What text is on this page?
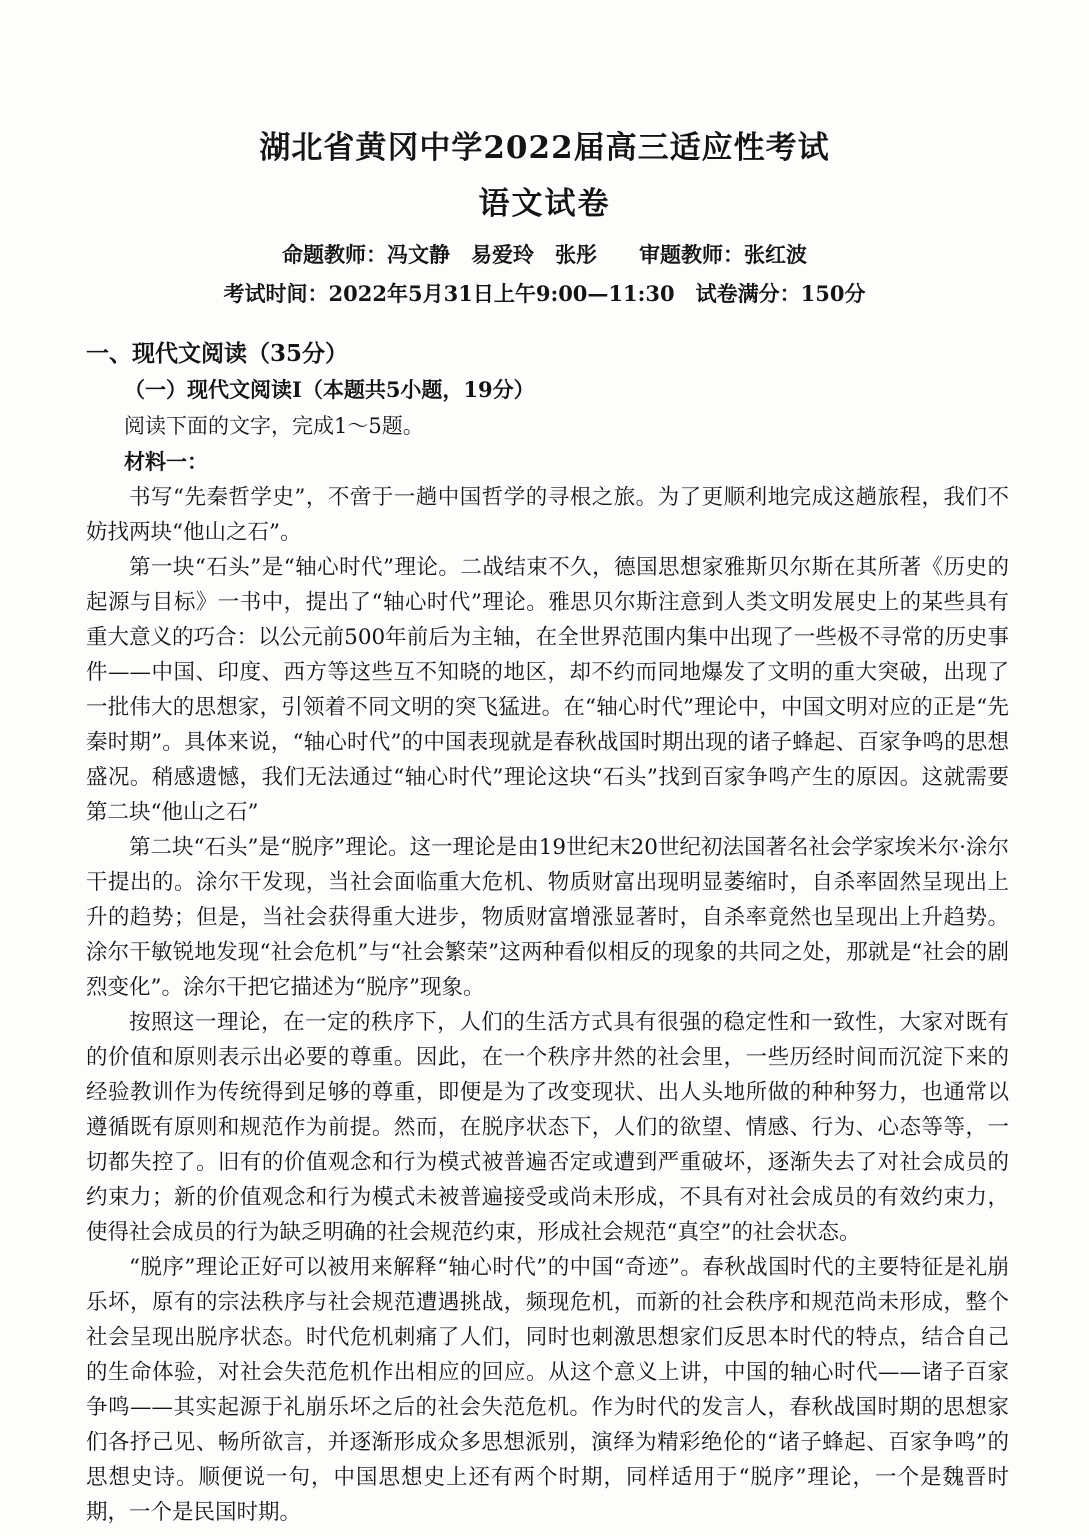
湖北省黄冈中学2022届高三适应性考试
语文试卷

命题教师：冯文静　易爱玲　张彤　　审题教师：张红波

考试时间：2022年5月31日上午9:00—11:30　试卷满分：150分

一、现代文阅读（35分）

（一）现代文阅读Ⅰ（本题共5小题，19分）

阅读下面的文字，完成1～5题。

材料一：

书写“先秦哲学史”，不啻于一趟中国哲学的寻根之旅。为了更顺利地完成这趟旅程，我们不妨找两块“他山之石”。

第一块“石头”是“轴心时代”理论。二战结束不久，德国思想家雅斯贝尔斯在其所著《历史的起源与目标》一书中，提出了“轴心时代”理论。雅思贝尔斯注意到人类文明发展史上的某些具有重大意义的巧合：以公元前500年前后为主轴，在全世界范围内集中出现了一些极不寻常的历史事件——中国、印度、西方等这些互不知晓的地区，却不约而同地爆发了文明的重大突破，出现了一批伟大的思想家，引领着不同文明的突飞猛进。在“轴心时代”理论中，中国文明对应的正是“先秦时期”。具体来说，“轴心时代”的中国表现就是春秋战国时期出现的诸子蜂起、百家争鸣的思想盛况。稍感遗憾，我们无法通过“轴心时代”理论这块“石头”找到百家争鸣产生的原因。这就需要第二块“他山之石”

第二块“石头”是“脱序”理论。这一理论是由19世纪末20世纪初法国著名社会学家埃米尔·涂尔干提出的。涂尔干发现，当社会面临重大危机、物质财富出现明显萎缩时，自杀率固然呈现出上升的趋势；但是，当社会获得重大进步，物质财富增涨显著时，自杀率竟然也呈现出上升趋势。涂尔干敏锐地发现“社会危机”与“社会繁荣”这两种看似相反的现象的共同之处，那就是“社会的剧烈变化”。涂尔干把它描述为“脱序”现象。

按照这一理论，在一定的秩序下，人们的生活方式具有很强的稳定性和一致性，大家对既有的价值和原则表示出必要的尊重。因此，在一个秩序井然的社会里，一些历经时间而沉淀下来的经验教训作为传统得到足够的尊重，即便是为了改变现状、出人头地所做的种种努力，也通常以遵循既有原则和规范作为前提。然而，在脱序状态下，人们的欲望、情感、行为、心态等等，一切都失控了。旧有的价值观念和行为模式被普遍否定或遭到严重破坏，逐渐失去了对社会成员的约束力；新的价值观念和行为模式未被普遍接受或尚未形成，不具有对社会成员的有效约束力，使得社会成员的行为缺乏明确的社会规范约束，形成社会规范“真空”的社会状态。

“脱序”理论正好可以被用来解释“轴心时代”的中国“奇迹”。春秋战国时代的主要特征是礼崩乐坏，原有的宗法秩序与社会规范遭遇挑战，频现危机，而新的社会秩序和规范尚未形成，整个社会呈现出脱序状态。时代危机刺痛了人们，同时也刺激思想家们反思本时代的特点，结合自己的生命体验，对社会失范危机作出相应的回应。从这个意义上讲，中国的轴心时代——诸子百家争鸣——其实起源于礼崩乐坏之后的社会失范危机。作为时代的发言人，春秋战国时期的思想家们各抒己见、畅所欲言，并逐渐形成众多思想派别，演绎为精彩绝伦的“诸子蜂起、百家争鸣”的思想史诗。顺便说一句，中国思想史上还有两个时期，同样适用于“脱序”理论，一个是魏晋时期，一个是民国时期。
